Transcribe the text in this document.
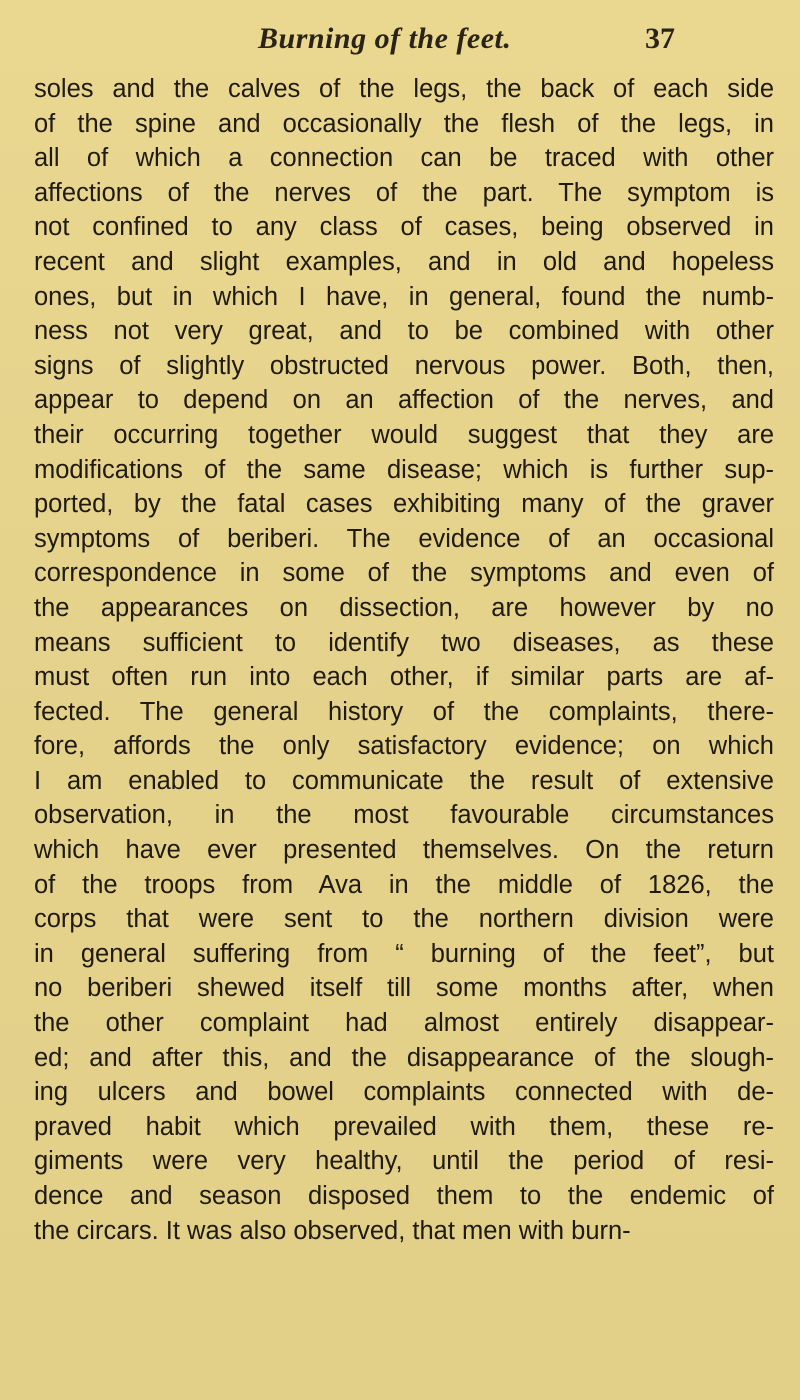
Burning of the feet.	37
soles and the calves of the legs, the back of each side
of the spine and occasionally the flesh of the legs, in
all of which a connection can be traced with other
affections of the nerves of the part. The symptom is
not confined to any class of cases, being observed in
recent and slight examples, and in old and hopeless
ones, but in which I have, in general, found the numb-
ness not very great, and to be combined with other
signs of slightly obstructed nervous power. Both, then,
appear to depend on an affection of the nerves, and
their occurring together would suggest that they are
modifications of the same disease; which is further sup-
ported, by the fatal cases exhibiting many of the graver
symptoms of beriberi. The evidence of an occasional
correspondence in some of the symptoms and even of
the appearances on dissection, are however by no
means sufficient to identify two diseases, as these
must often run into each other, if similar parts are af-
fected. The general history of the complaints, there-
fore, affords the only satisfactory evidence; on which
I am enabled to communicate the result of extensive
observation, in the most favourable circumstances
which have ever presented themselves. On the return
of the troops from Ava in the middle of 1826, the
corps that were sent to the northern division were
in general suffering from “ burning of the feet”, but
no beriberi shewed itself till some months after, when
the other complaint had almost entirely disappear-
ed; and after this, and the disappearance of the slough-
ing ulcers and bowel complaints connected with de-
praved habit which prevailed with them, these re-
giments were very healthy, until the period of resi-
dence and season disposed them to the endemic of
the circars. It was also observed, that men with burn-
